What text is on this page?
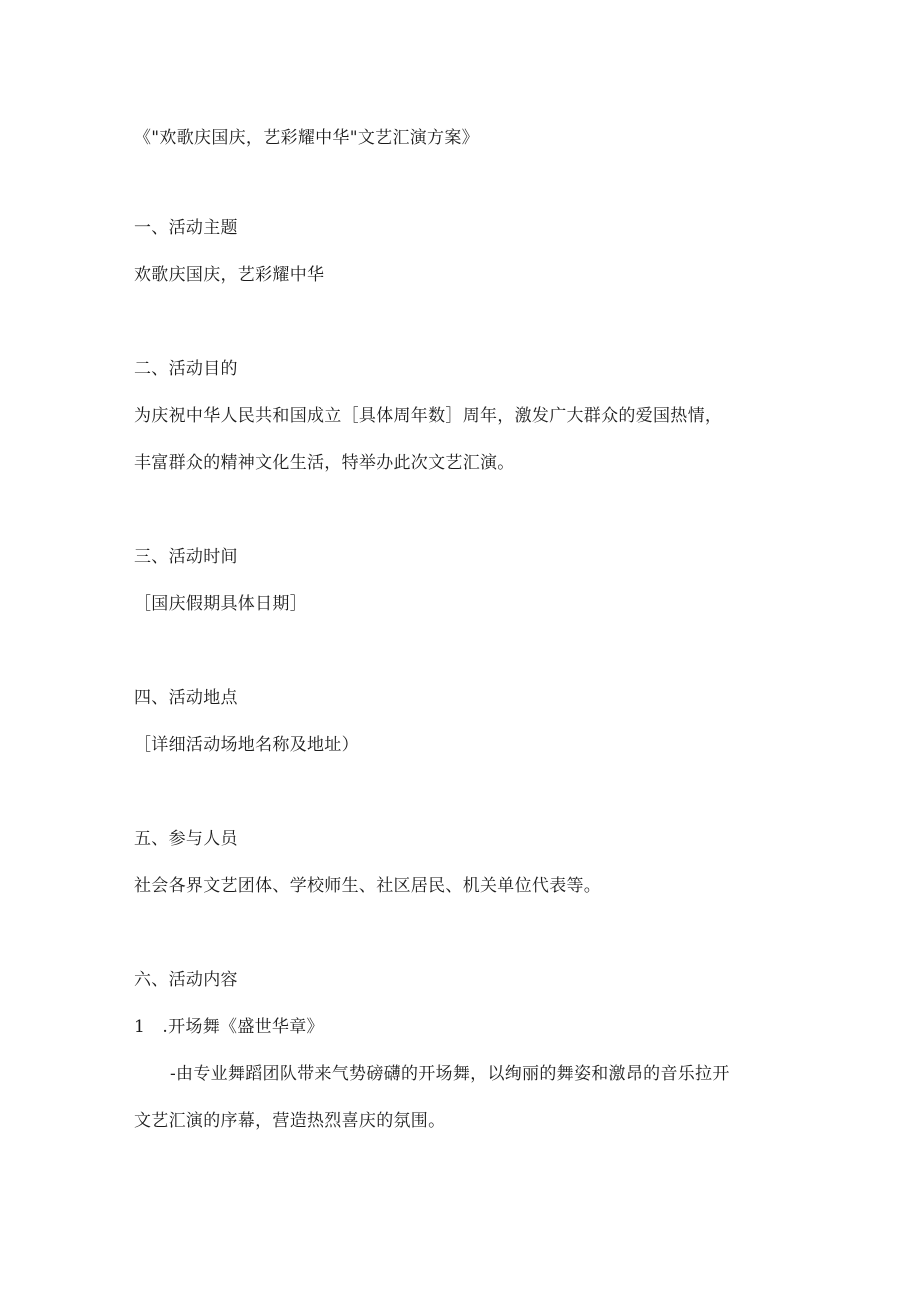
《"欢歌庆国庆，艺彩耀中华"文艺汇演方案》
一、活动主题
欢歌庆国庆，艺彩耀中华
二、活动目的
为庆祝中华人民共和国成立［具体周年数］周年，激发广大群众的爱国热情，
丰富群众的精神文化生活，特举办此次文艺汇演。
三、活动时间
［国庆假期具体日期］
四、活动地点
［详细活动场地名称及地址）
五、参与人员
社会各界文艺团体、学校师生、社区居民、机关单位代表等。
六、活动内容
1　.开场舞《盛世华章》
-由专业舞蹈团队带来气势磅礴的开场舞，以绚丽的舞姿和激昂的音乐拉开
文艺汇演的序幕，营造热烈喜庆的氛围。
